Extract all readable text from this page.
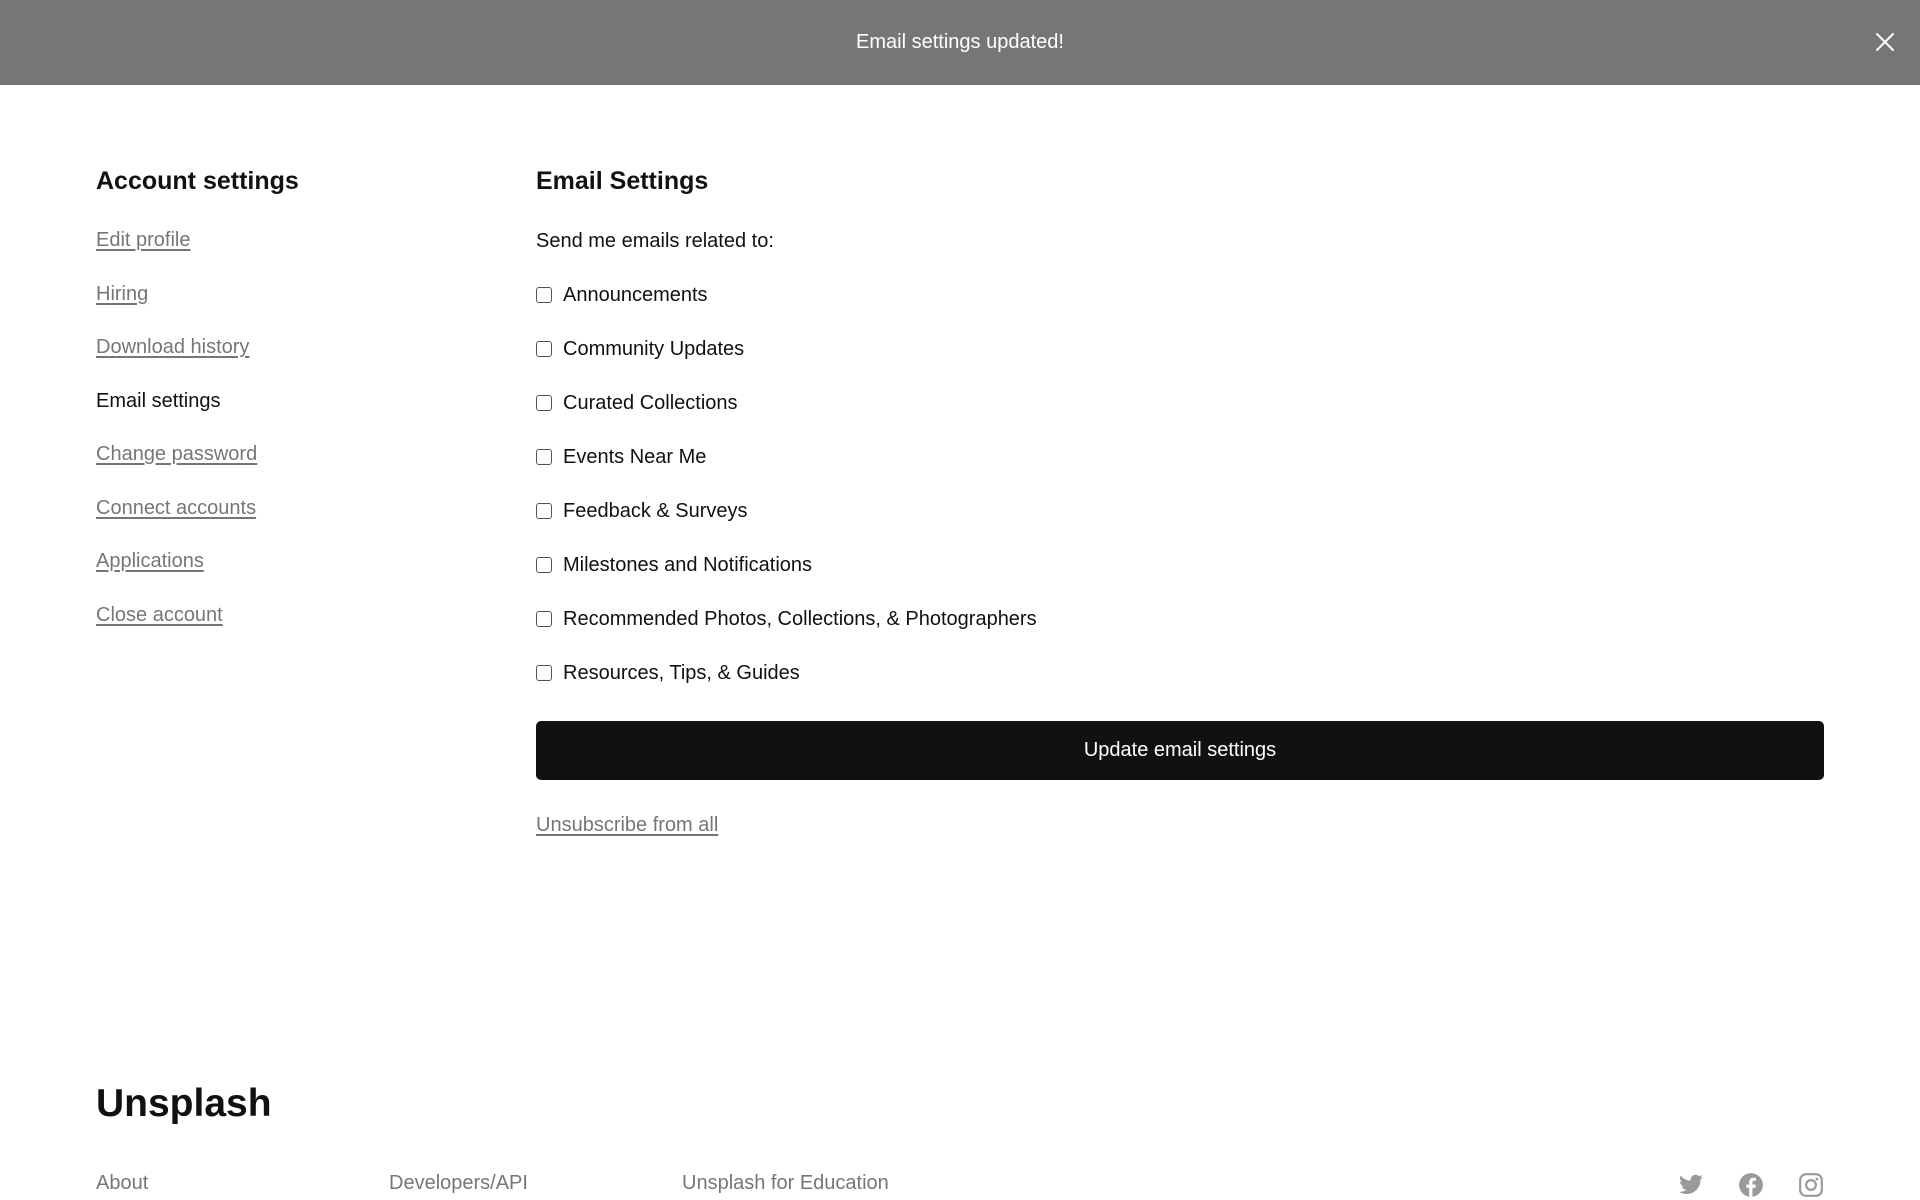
Email settings updated!
Account settings
Edit profile
Hiring
Download history
Email settings
Change password
Connect accounts
Applications
Close account
Email Settings
Send me emails related to:
Announcements
Community Updates
Curated Collections
Events Near Me
Feedback & Surveys
Milestones and Notifications
Recommended Photos, Collections, & Photographers
Resources, Tips, & Guides
Update email settings
Unsubscribe from all
Unsplash
About	Developers/API	Unsplash for Education
